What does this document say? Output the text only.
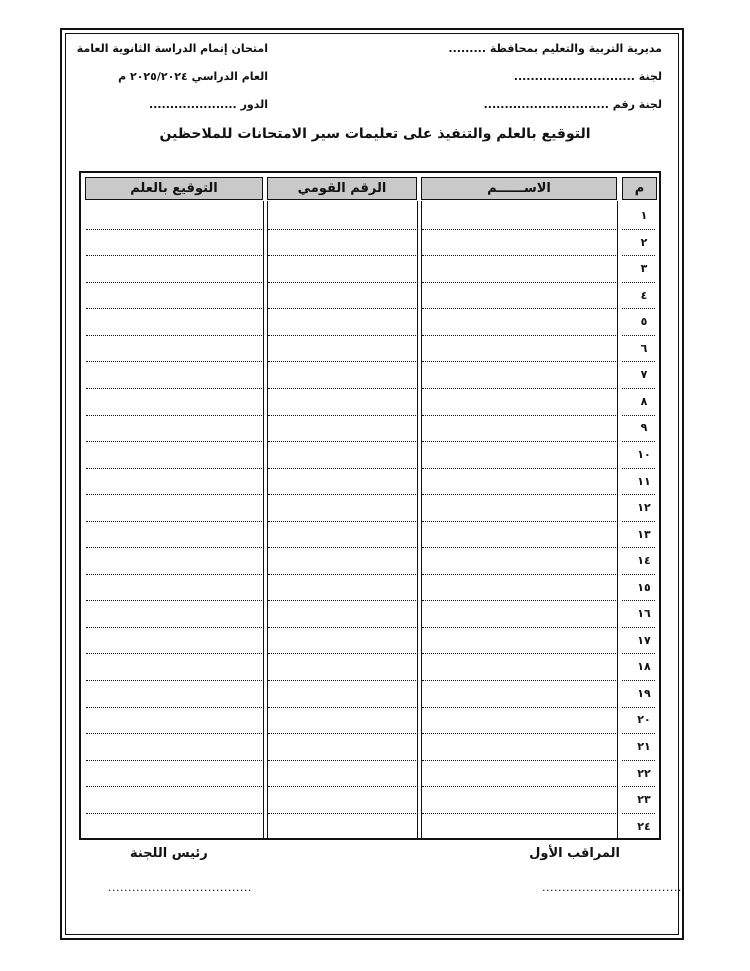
مديرية التربية والتعليم بمحافظة .........
لجنة .............................
لجنة رقم ..............................
امتحان إتمام الدراسة الثانوية العامة
العام الدراسي ٢٠٢٥/٢٠٢٤ م
الدور .....................
التوقيع بالعلم والتنفيذ على تعليمات سير الامتحانات للملاحظين
م
الاســــــم
الرقم القومي
التوقيع بالعلم
١
٢
٣
٤
٥
٦
٧
٨
٩
١٠
١١
١٢
١٣
١٤
١٥
١٦
١٧
١٨
١٩
٢٠
٢١
٢٢
٢٣
٢٤
المراقب الأول
رئيس اللجنة
...................................
....................................
